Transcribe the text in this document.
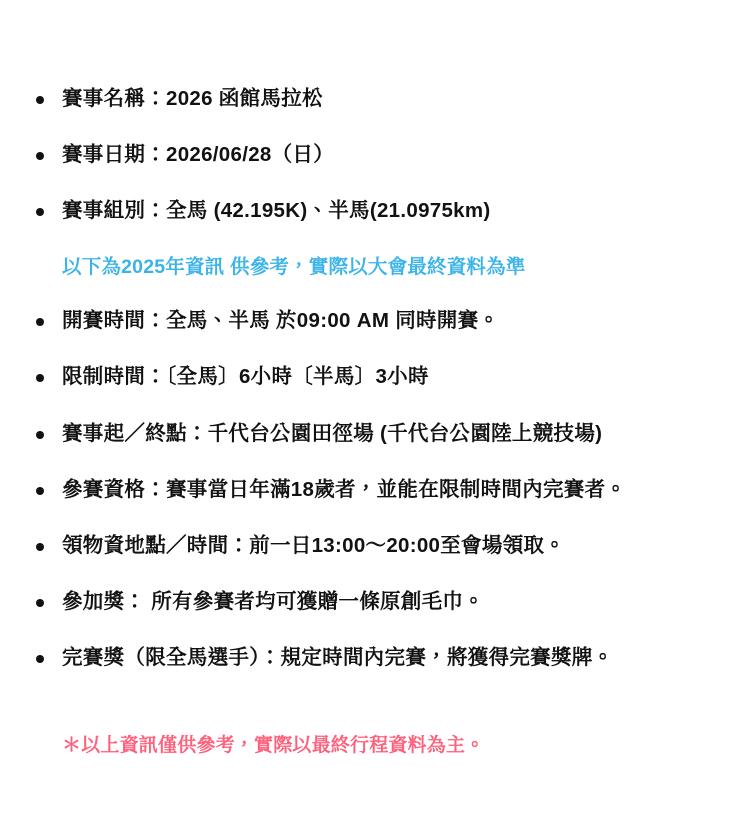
賽事名稱：2026 函館馬拉松
賽事日期：2026/06/28（日）
賽事組別：全馬 (42.195K)、半馬(21.0975km)
以下為2025年資訊 供參考，實際以大會最終資料為準
開賽時間：全馬、半馬 於09:00 AM 同時開賽。
限制時間：〔全馬〕6小時〔半馬〕3小時
賽事起／終點：千代台公園田徑場 (千代台公園陸上競技場)
參賽資格：賽事當日年滿18歲者，並能在限制時間內完賽者。
領物資地點／時間：前一日13:00～20:00至會場領取。
參加獎： 所有參賽者均可獲贈一條原創毛巾。
完賽獎（限全馬選手）：規定時間內完賽，將獲得完賽獎牌。
＊以上資訊僅供參考，實際以最終行程資料為主。
